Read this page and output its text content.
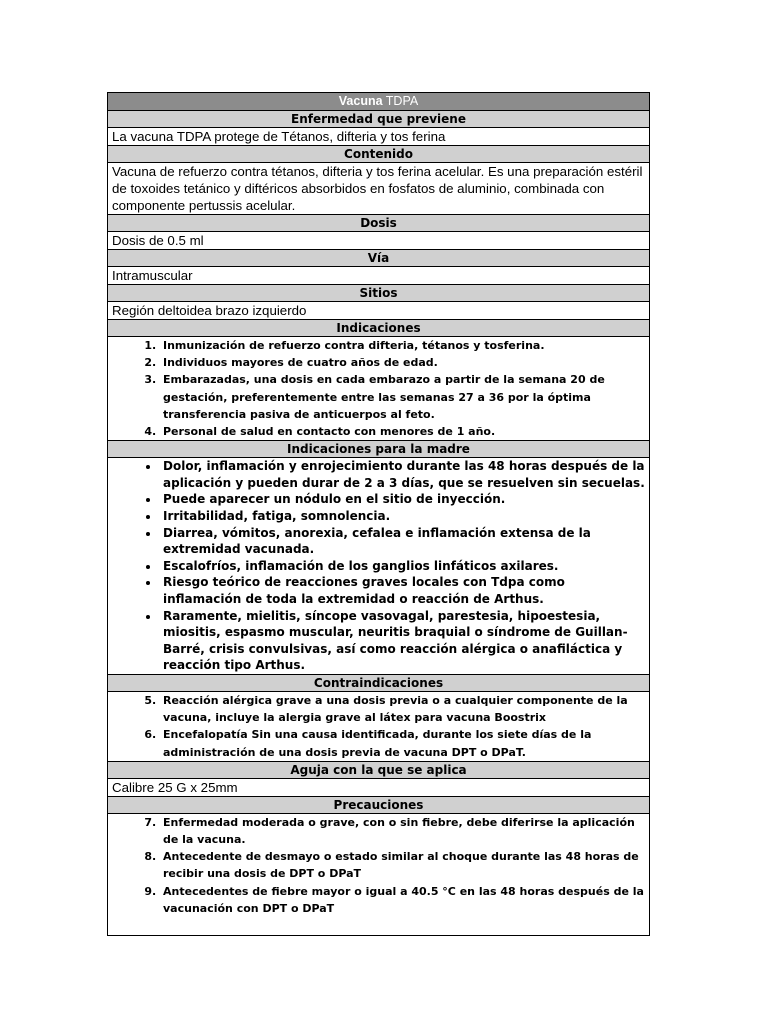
Vacuna TDPA
Enfermedad que previene
La vacuna TDPA protege de Tétanos, difteria y tos ferina
Contenido
Vacuna de refuerzo contra tétanos, difteria y tos ferina acelular. Es una preparación estéril de toxoides tetánico y diftéricos absorbidos en fosfatos de aluminio, combinada con componente pertussis acelular.
Dosis
Dosis de 0.5 ml
Vía
Intramuscular
Sitios
Región deltoidea brazo izquierdo
Indicaciones

1. Inmunización de refuerzo contra difteria, tétanos y tosferina.
2. Individuos mayores de cuatro años de edad.
3. Embarazadas, una dosis en cada embarazo a partir de la semana 20 de gestación, preferentemente entre las semanas 27 a 36 por la óptima transferencia pasiva de anticuerpos al feto.
4. Personal de salud en contacto con menores de 1 año.

Indicaciones para la madre

• Dolor, inflamación y enrojecimiento durante las 48 horas después de la aplicación y pueden durar de 2 a 3 días, que se resuelven sin secuelas.
• Puede aparecer un nódulo en el sitio de inyección.
• Irritabilidad, fatiga, somnolencia.
• Diarrea, vómitos, anorexia, cefalea e inflamación extensa de la extremidad vacunada.
• Escalofríos, inflamación de los ganglios linfáticos axilares.
• Riesgo teórico de reacciones graves locales con Tdpa como inflamación de toda la extremidad o reacción de Arthus.
• Raramente, mielitis, síncope vasovagal, parestesia, hipoestesia, miositis, espasmo muscular, neuritis braquial o síndrome de Guillan-Barré, crisis convulsivas, así como reacción alérgica o anafiláctica y reacción tipo Arthus.

Contraindicaciones

5. Reacción alérgica grave a una dosis previa o a cualquier componente de la vacuna, incluye la alergia grave al látex para vacuna Boostrix
6. Encefalopatía Sin una causa identificada, durante los siete días de la administración de una dosis previa de vacuna DPT o DPaT.

Aguja con la que se aplica
Calibre 25 G x 25mm
Precauciones

7. Enfermedad moderada o grave, con o sin fiebre, debe diferirse la aplicación de la vacuna.
8. Antecedente de desmayo o estado similar al choque durante las 48 horas de recibir una dosis de DPT o DPaT
9. Antecedentes de fiebre mayor o igual a 40.5 °C en las 48 horas después de la vacunación con DPT o DPaT
